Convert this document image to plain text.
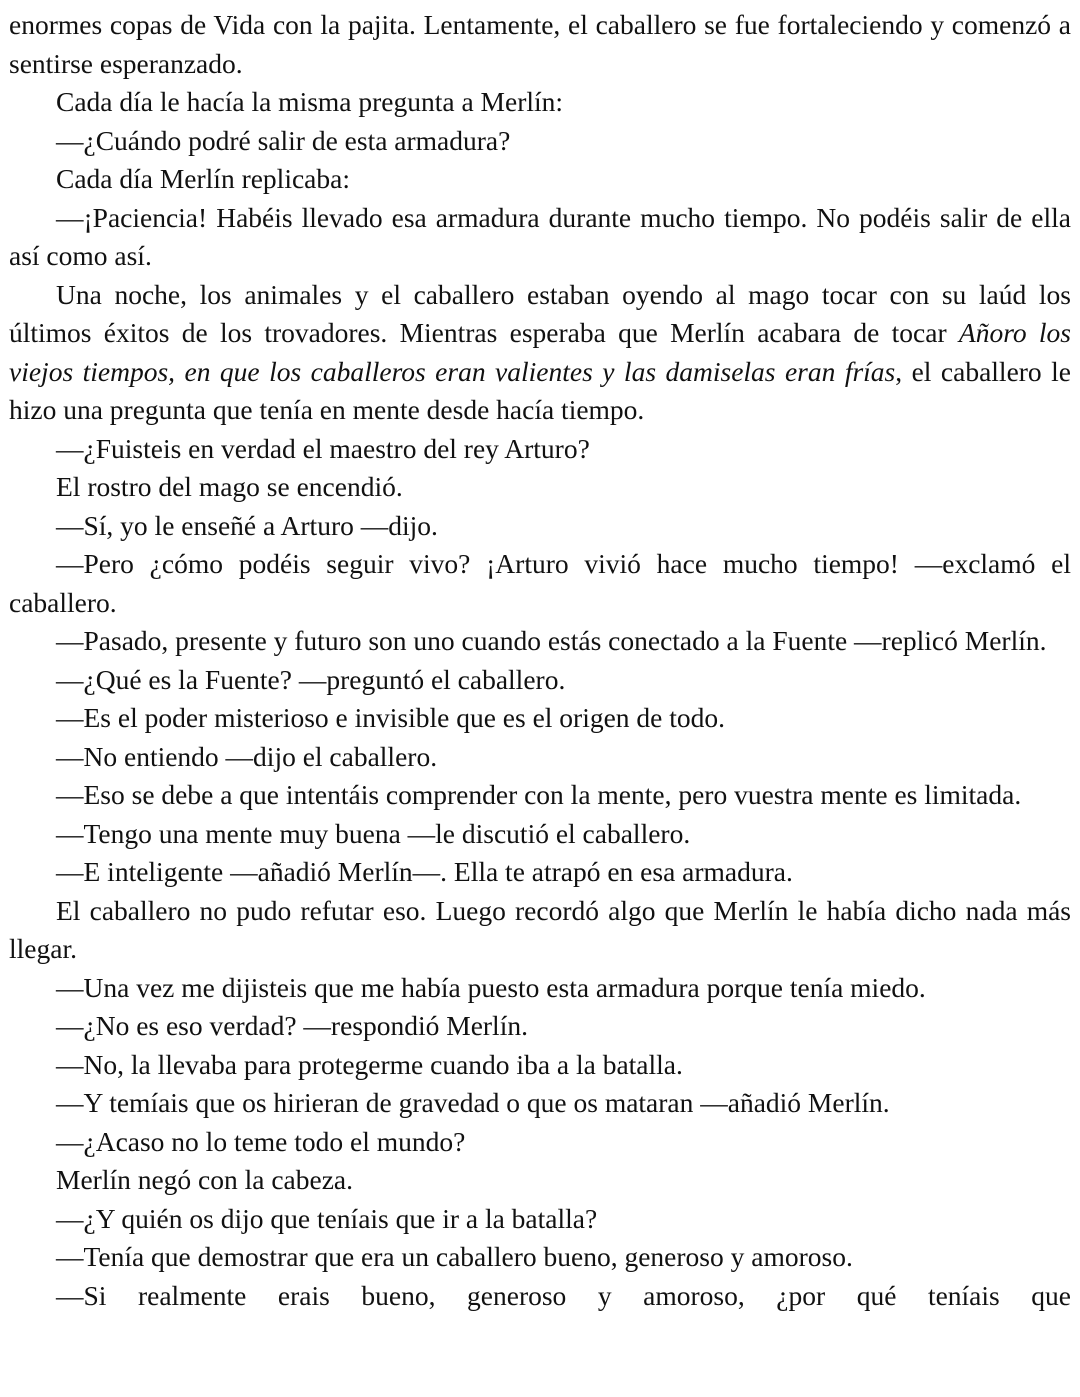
enormes copas de Vida con la pajita. Lentamente, el caballero se fue fortaleciendo y comenzó a sentirse esperanzado.

Cada día le hacía la misma pregunta a Merlín:

—¿Cuándo podré salir de esta armadura?

Cada día Merlín replicaba:

—¡Paciencia! Habéis llevado esa armadura durante mucho tiempo. No podéis salir de ella así como así.

Una noche, los animales y el caballero estaban oyendo al mago tocar con su laúd los últimos éxitos de los trovadores. Mientras esperaba que Merlín acabara de tocar Añoro los viejos tiempos, en que los caballeros eran valientes y las damiselas eran frías, el caballero le hizo una pregunta que tenía en mente desde hacía tiempo.

—¿Fuisteis en verdad el maestro del rey Arturo?

El rostro del mago se encendió.

—Sí, yo le enseñé a Arturo —dijo.

—Pero ¿cómo podéis seguir vivo? ¡Arturo vivió hace mucho tiempo! —exclamó el caballero.

—Pasado, presente y futuro son uno cuando estás conectado a la Fuente —replicó Merlín.

—¿Qué es la Fuente? —preguntó el caballero.

—Es el poder misterioso e invisible que es el origen de todo.

—No entiendo —dijo el caballero.

—Eso se debe a que intentáis comprender con la mente, pero vuestra mente es limitada.

—Tengo una mente muy buena —le discutió el caballero.

—E inteligente —añadió Merlín—. Ella te atrapó en esa armadura.

El caballero no pudo refutar eso. Luego recordó algo que Merlín le había dicho nada más llegar.

—Una vez me dijisteis que me había puesto esta armadura porque tenía miedo.

—¿No es eso verdad? —respondió Merlín.

—No, la llevaba para protegerme cuando iba a la batalla.

—Y temíais que os hirieran de gravedad o que os mataran —añadió Merlín.

—¿Acaso no lo teme todo el mundo?

Merlín negó con la cabeza.

—¿Y quién os dijo que teníais que ir a la batalla?

—Tenía que demostrar que era un caballero bueno, generoso y amoroso.

—Si realmente erais bueno, generoso y amoroso, ¿por qué teníais que
